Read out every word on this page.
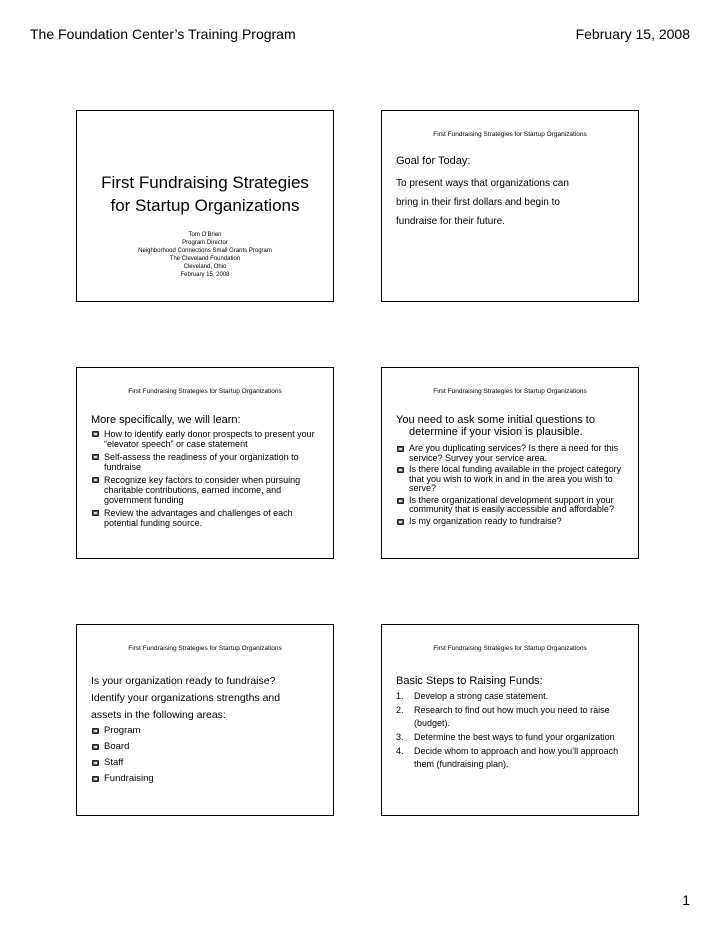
The Foundation Center’s Training Program	February 15, 2008
First Fundraising Strategies
for Startup Organizations
Tom O’Brien
Program Director
Neighborhood Connections Small Grants Program
The Cleveland Foundation
Cleveland, Ohio
February 15, 2008
First Fundraising Strategies for Startup Organizations
Goal for Today:
To present ways that organizations can
bring in their first dollars and begin to
fundraise for their future.
First Fundraising Strategies for Startup Organizations
More specifically, we will learn:
How to identify early donor prospects to present your “elevator speech” or case statement
Self-assess the readiness of your organization to fundraise
Recognize key factors to consider when pursuing charitable contributions, earned income, and government funding
Review the advantages and challenges of each potential funding source.
First Fundraising Strategies for Startup Organizations
You need to ask some initial questions to
determine if your vision is plausible.
Are you duplicating services? Is there a need for this service? Survey your service area.
Is there local funding available in the project category that you wish to work in and in the area you wish to serve?
Is there organizational development support in your community that is easily accessible and affordable?
Is my organization ready to fundraise?
First Fundraising Strategies for Startup Organizations
Is your organization ready to fundraise?
Identify your organizations strengths and
assets in the following areas:
Program
Board
Staff
Fundraising
First Fundraising Strategies for Startup Organizations
Basic Steps to Raising Funds:
1. Develop a strong case statement.
2. Research to find out how much you need to raise (budget).
3. Determine the best ways to fund your organization
4. Decide whom to approach and how you’ll approach them (fundraising plan).
1
